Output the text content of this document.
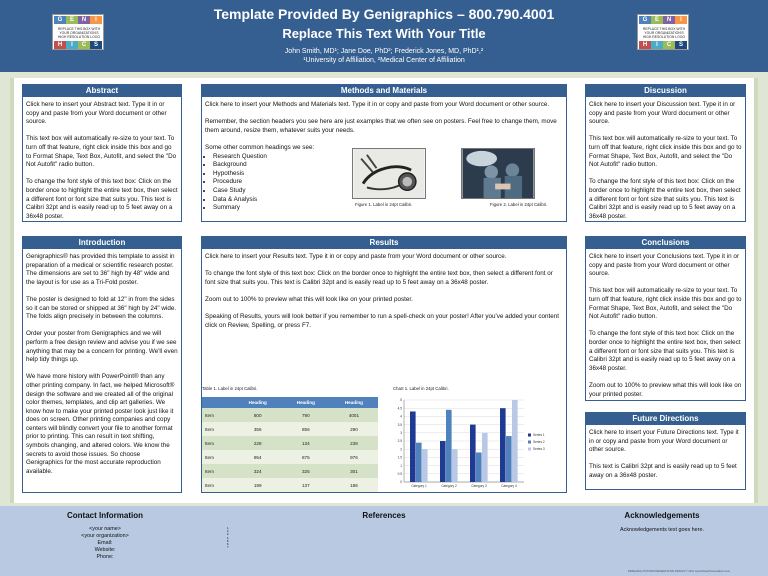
Template Provided By Genigraphics – 800.790.4001
Replace This Text With Your Title
John Smith, MD¹; Jane Doe, PhD²; Frederick Jones, MD, PhD¹,²
¹University of Affiliation, ²Medical Center of Affiliation
G	E	N	I
H	I	C	S
REPLACE THIS BOX WITH YOUR ORGANIZATION'S HIGH RESOLUTION LOGO
G	E	N	I
H	I	C	S
REPLACE THIS BOX WITH YOUR ORGANIZATION'S HIGH RESOLUTION LOGO
Abstract

Click here to insert your Abstract text. Type it in or copy and paste from your Word document or other source.

This text box will automatically re-size to your text. To turn off that feature, right click inside this box and go to Format Shape, Text Box, Autofit, and select the "Do Not Autofit" radio button.

To change the font style of this text box: Click on the border once to highlight the entire text box, then select a different font or font size that suits you. This text is Calibri 32pt and is easily read up to 5 feet away on a 36x48 poster.

Introduction

Genigraphics® has provided this template to assist in preparation of a medical or scientific research poster. The dimensions are set to 36" high by 48" wide and the layout is for use as a Tri-Fold poster.

The poster is designed to fold at 12" in from the sides so it can be stored or shipped at 36" high by 24" wide. The folds align precisely in between the columns.

Order your poster from Genigraphics and we will perform a free design review and advise you if we see anything that may be a concern for printing. We'll even help tidy things up.

We have more history with PowerPoint® than any other printing company. In fact, we helped Microsoft® design the software and we created all of the original color themes, templates, and clip art galleries. We know how to make your printed poster look just like it does on screen. Other printing companies and copy centers will blindly convert your file to another format prior to printing. This can result in text shifting, symbols changing, and altered colors. We know the secrets to avoid those issues. So choose Genigraphics for the most accurate reproduction available.

Methods and Materials

Click here to insert your Methods and Materials text. Type it in or copy and paste from your Word document or other source.

Remember, the section headers you see here are just examples that we often see on posters. Feel free to change them, move them around, resize them, whatever suits your needs.

Some other common headings we see:
• Research Question
• Background
• Hypothesis
• Procedure
• Case Study
• Data & Analysis
• Summary	Figure 1. Label in 24pt Calibri.	Figure 2. Label in 24pt Calibri.
Results

Click here to insert your Results text. Type it in or copy and paste from your Word document or other source.

To change the font style of this text box: Click on the border once to highlight the entire text box, then select a different font or font size that suits you. This text is Calibri 32pt and is easily read up to 5 feet away on a 36x48 poster.

Zoom out to 100% to preview what this will look like on your printed poster.

Speaking of Results, yours will look better if you remember to run a spell-check on your poster! After you've added your content click on Review, Spelling, or press F7.

Table 1. Label in 24pt Calibri.
	Heading	Heading	Heading
Item	800	790	4001
Item	356	856	290
Item	228	134	238
Item	954	875	976
Item	324	325	301
Item	199	137	186
Chart 1. Label in 24pt Calibri.
0
0.5
1
1.5
2
2.5
3
3.5
4
4.5
5
Category 1	Category 2	Category 3	Category 4
Series 1
Series 2
Series 3
Discussion

Click here to insert your Discussion text. Type it in or copy and paste from your Word document or other source.

This text box will automatically re-size to your text. To turn off that feature, right click inside this box and go to Format Shape, Text Box, Autofit, and select the "Do Not Autofit" radio button.

To change the font style of this text box: Click on the border once to highlight the entire text box, then select a different font or font size that suits you. This text is Calibri 32pt and is easily read up to 5 feet away on a 36x48 poster.

Conclusions

Click here to insert your Conclusions text. Type it in or copy and paste from your Word document or other source.

This text box will automatically re-size to your text. To turn off that feature, right click inside this box and go to Format Shape, Text Box, Autofit, and select the "Do Not Autofit" radio button.

To change the font style of this text box: Click on the border once to highlight the entire text box, then select a different font or font size that suits you. This text is Calibri 32pt and is easily read up to 5 feet away on a 36x48 poster.

Zoom out to 100% to preview what this will look like on your printed poster.

Future Directions

Click here to insert your Future Directions text. Type it in or copy and paste from your Word document or other source.

This text is Calibri 32pt and is easily read up to 5 feet away on a 36x48 poster.

Contact Information
<your name>
<your organization>
Email:
Website:
Phone:
References
1.
2.
3.
4.
5.
6.
7.
Acknowledgements
Acknowledgements text goes here.
RESEARCH POSTER PRESENTATION DESIGN © 2012 www.PosterPresentations.com
